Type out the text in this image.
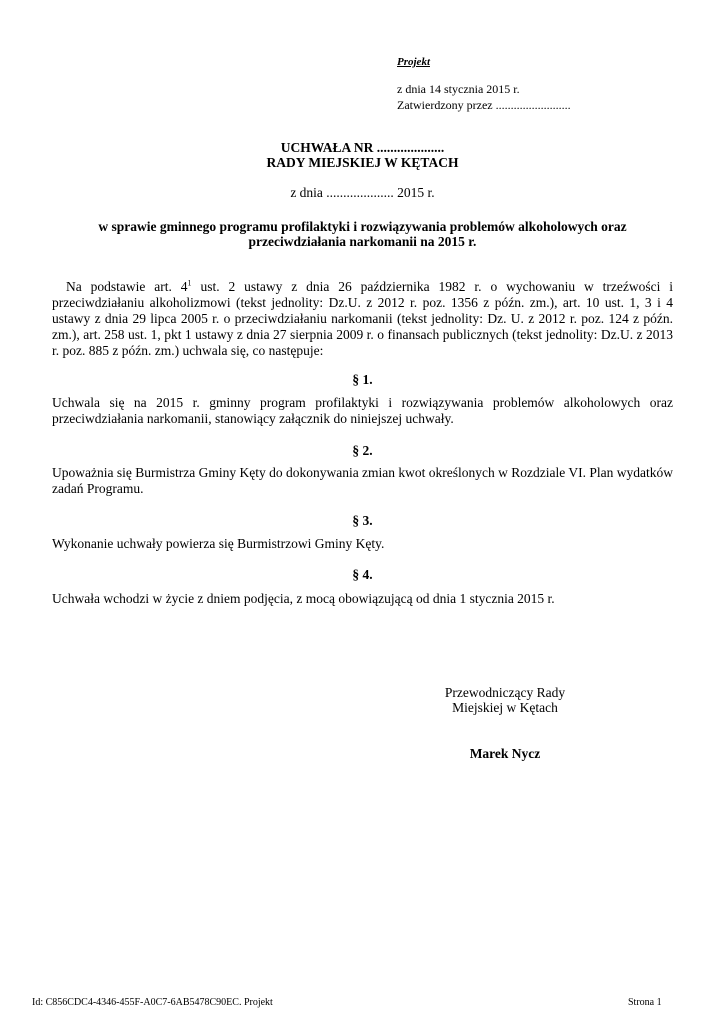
Projekt
z dnia 14 stycznia 2015 r.
Zatwierdzony przez .........................
UCHWAŁA NR ....................
RADY MIEJSKIEJ W KĘTACH
z dnia .................... 2015 r.
w sprawie gminnego programu profilaktyki i rozwiązywania problemów alkoholowych oraz przeciwdziałania narkomanii na 2015 r.
Na podstawie art. $4^1$ ust. 2 ustawy z dnia 26 października 1982 r. o wychowaniu w trzeźwości i przeciwdziałaniu alkoholizmowi (tekst jednolity: Dz.U. z 2012 r. poz. 1356 z późn. zm.), art. 10 ust. 1, 3 i 4 ustawy z dnia 29 lipca 2005 r. o przeciwdziałaniu narkomanii (tekst jednolity: Dz. U. z 2012 r. poz. 124 z późn. zm.), art. 258 ust. 1, pkt 1 ustawy z dnia 27 sierpnia 2009 r. o finansach publicznych (tekst jednolity: Dz.U. z 2013 r. poz. 885 z późn. zm.) uchwala się, co następuje:
§ 1.
Uchwala się na 2015 r. gminny program profilaktyki i rozwiązywania problemów alkoholowych oraz przeciwdziałania narkomanii, stanowiący załącznik do niniejszej uchwały.
§ 2.
Upoważnia się Burmistrza Gminy Kęty do dokonywania zmian kwot określonych w Rozdziale VI. Plan wydatków zadań Programu.
§ 3.
Wykonanie uchwały powierza się Burmistrzowi Gminy Kęty.
§ 4.
Uchwała wchodzi w życie z dniem podjęcia, z mocą obowiązującą od dnia 1 stycznia 2015 r.
Przewodniczący Rady
Miejskiej w Kętach
Marek Nycz
Id: C856CDC4-4346-455F-A0C7-6AB5478C90EC. Projekt	Strona 1
